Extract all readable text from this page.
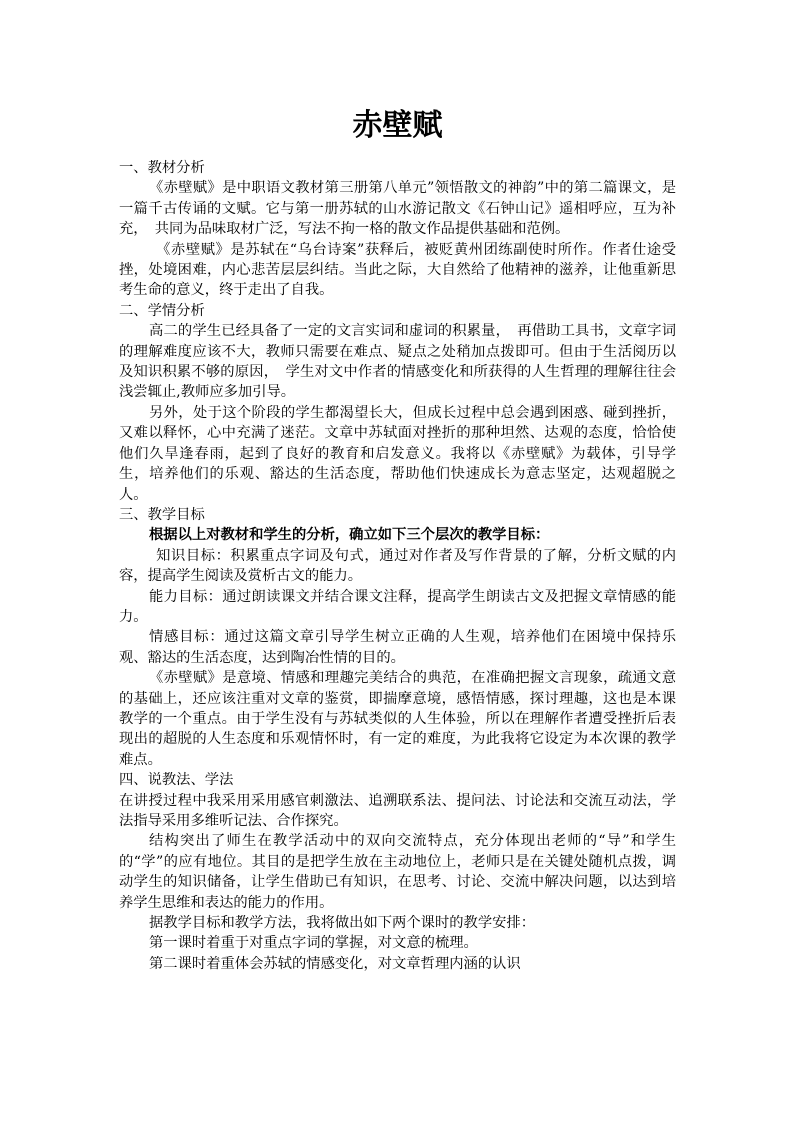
赤壁赋

一、教材分析

《赤壁赋》是中职语文教材第三册第八单元”领悟散文的神韵”中的第二篇课文，是一篇千古传诵的文赋。它与第一册苏轼的山水游记散文《石钟山记》遥相呼应，互为补充，　共同为品味取材广泛，写法不拘一格的散文作品提供基础和范例。

《赤壁赋》是苏轼在“乌台诗案”获释后，被贬黄州团练副使时所作。作者仕途受挫，处境困难，内心悲苦层层纠结。当此之际，大自然给了他精神的滋养，让他重新思考生命的意义，终于走出了自我。

二、学情分析

高二的学生已经具备了一定的文言实词和虚词的积累量，　再借助工具书，文章字词的理解难度应该不大，教师只需要在难点、疑点之处稍加点拨即可。但由于生活阅历以及知识积累不够的原因，　学生对文中作者的情感变化和所获得的人生哲理的理解往往会浅尝辄止,教师应多加引导。

另外，处于这个阶段的学生都渴望长大，但成长过程中总会遇到困惑、碰到挫折，又难以释怀，心中充满了迷茫。文章中苏轼面对挫折的那种坦然、达观的态度，恰恰使他们久旱逢春雨，起到了良好的教育和启发意义。我将以《赤壁赋》为载体，引导学生，培养他们的乐观、豁达的生活态度，帮助他们快速成长为意志坚定，达观超脱之人。

三、教学目标

根据以上对教材和学生的分析，确立如下三个层次的教学目标：

知识目标：积累重点字词及句式，通过对作者及写作背景的了解，分析文赋的内容，提高学生阅读及赏析古文的能力。

能力目标：通过朗读课文并结合课文注释，提高学生朗读古文及把握文章情感的能力。

情感目标：通过这篇文章引导学生树立正确的人生观，培养他们在困境中保持乐观、豁达的生活态度，达到陶冶性情的目的。

《赤壁赋》是意境、情感和理趣完美结合的典范，在准确把握文言现象，疏通文意的基础上，还应该注重对文章的鉴赏，即揣摩意境，感悟情感，探讨理趣，这也是本课教学的一个重点。由于学生没有与苏轼类似的人生体验，所以在理解作者遭受挫折后表现出的超脱的人生态度和乐观情怀时，有一定的难度，为此我将它设定为本次课的教学难点。

四、说教法、学法

在讲授过程中我采用采用感官刺激法、追溯联系法、提问法、讨论法和交流互动法，学法指导采用多维听记法、合作探究。

结构突出了师生在教学活动中的双向交流特点，充分体现出老师的“导”和学生的“学”的应有地位。其目的是把学生放在主动地位上，老师只是在关键处随机点拨，调动学生的知识储备，让学生借助已有知识，在思考、讨论、交流中解决问题，以达到培养学生思维和表达的能力的作用。

据教学目标和教学方法，我将做出如下两个课时的教学安排：

第一课时着重于对重点字词的掌握，对文意的梳理。

第二课时着重体会苏轼的情感变化，对文章哲理内涵的认识
